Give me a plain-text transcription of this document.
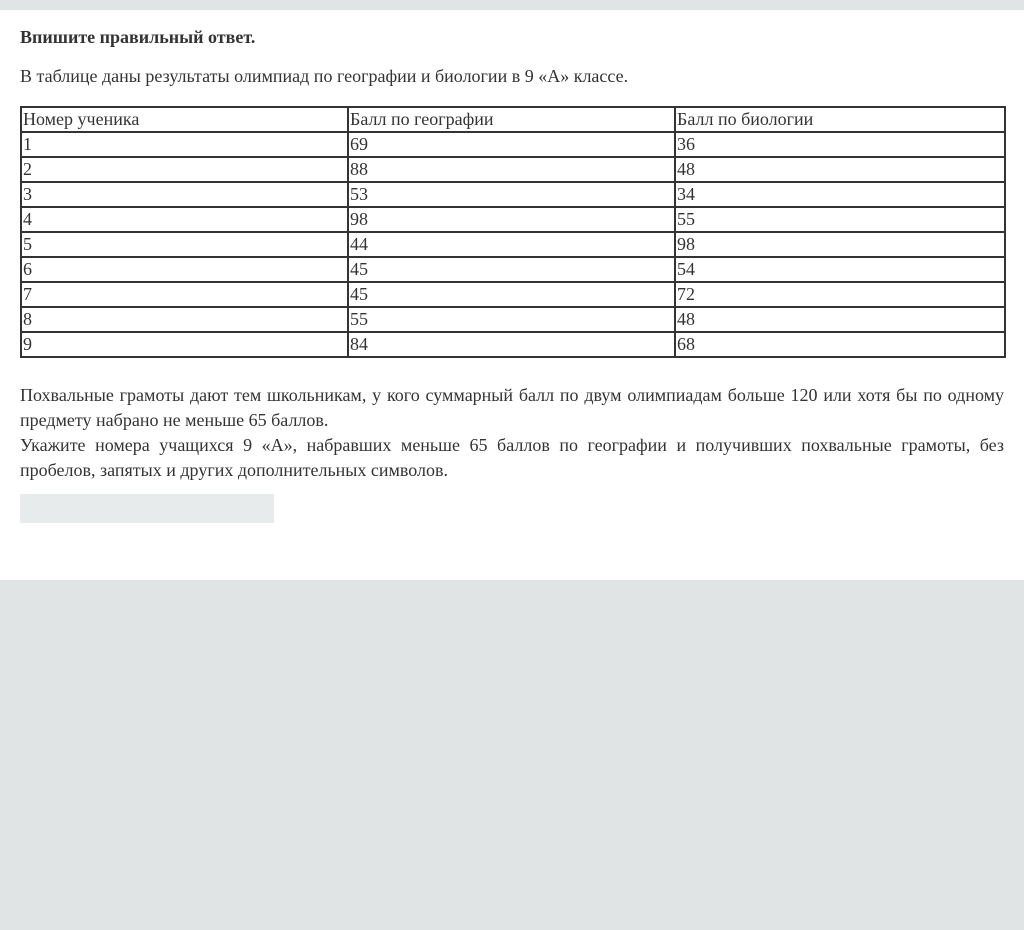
Впишите правильный ответ.

В таблице даны результаты олимпиад по географии и биологии в 9 «А» классе.

Номер ученика	Балл по географии	Балл по биологии
1	69	36
2	88	48
3	53	34
4	98	55
5	44	98
6	45	54
7	45	72
8	55	48
9	84	68

Похвальные грамоты дают тем школьникам, у кого суммарный балл по двум олимпиадам больше 120 или хотя бы по одному предмету набрано не меньше 65 баллов.

Укажите номера учащихся 9 «А», набравших меньше 65 баллов по географии и получивших похвальные грамоты, без пробелов, запятых и других дополнительных символов.
